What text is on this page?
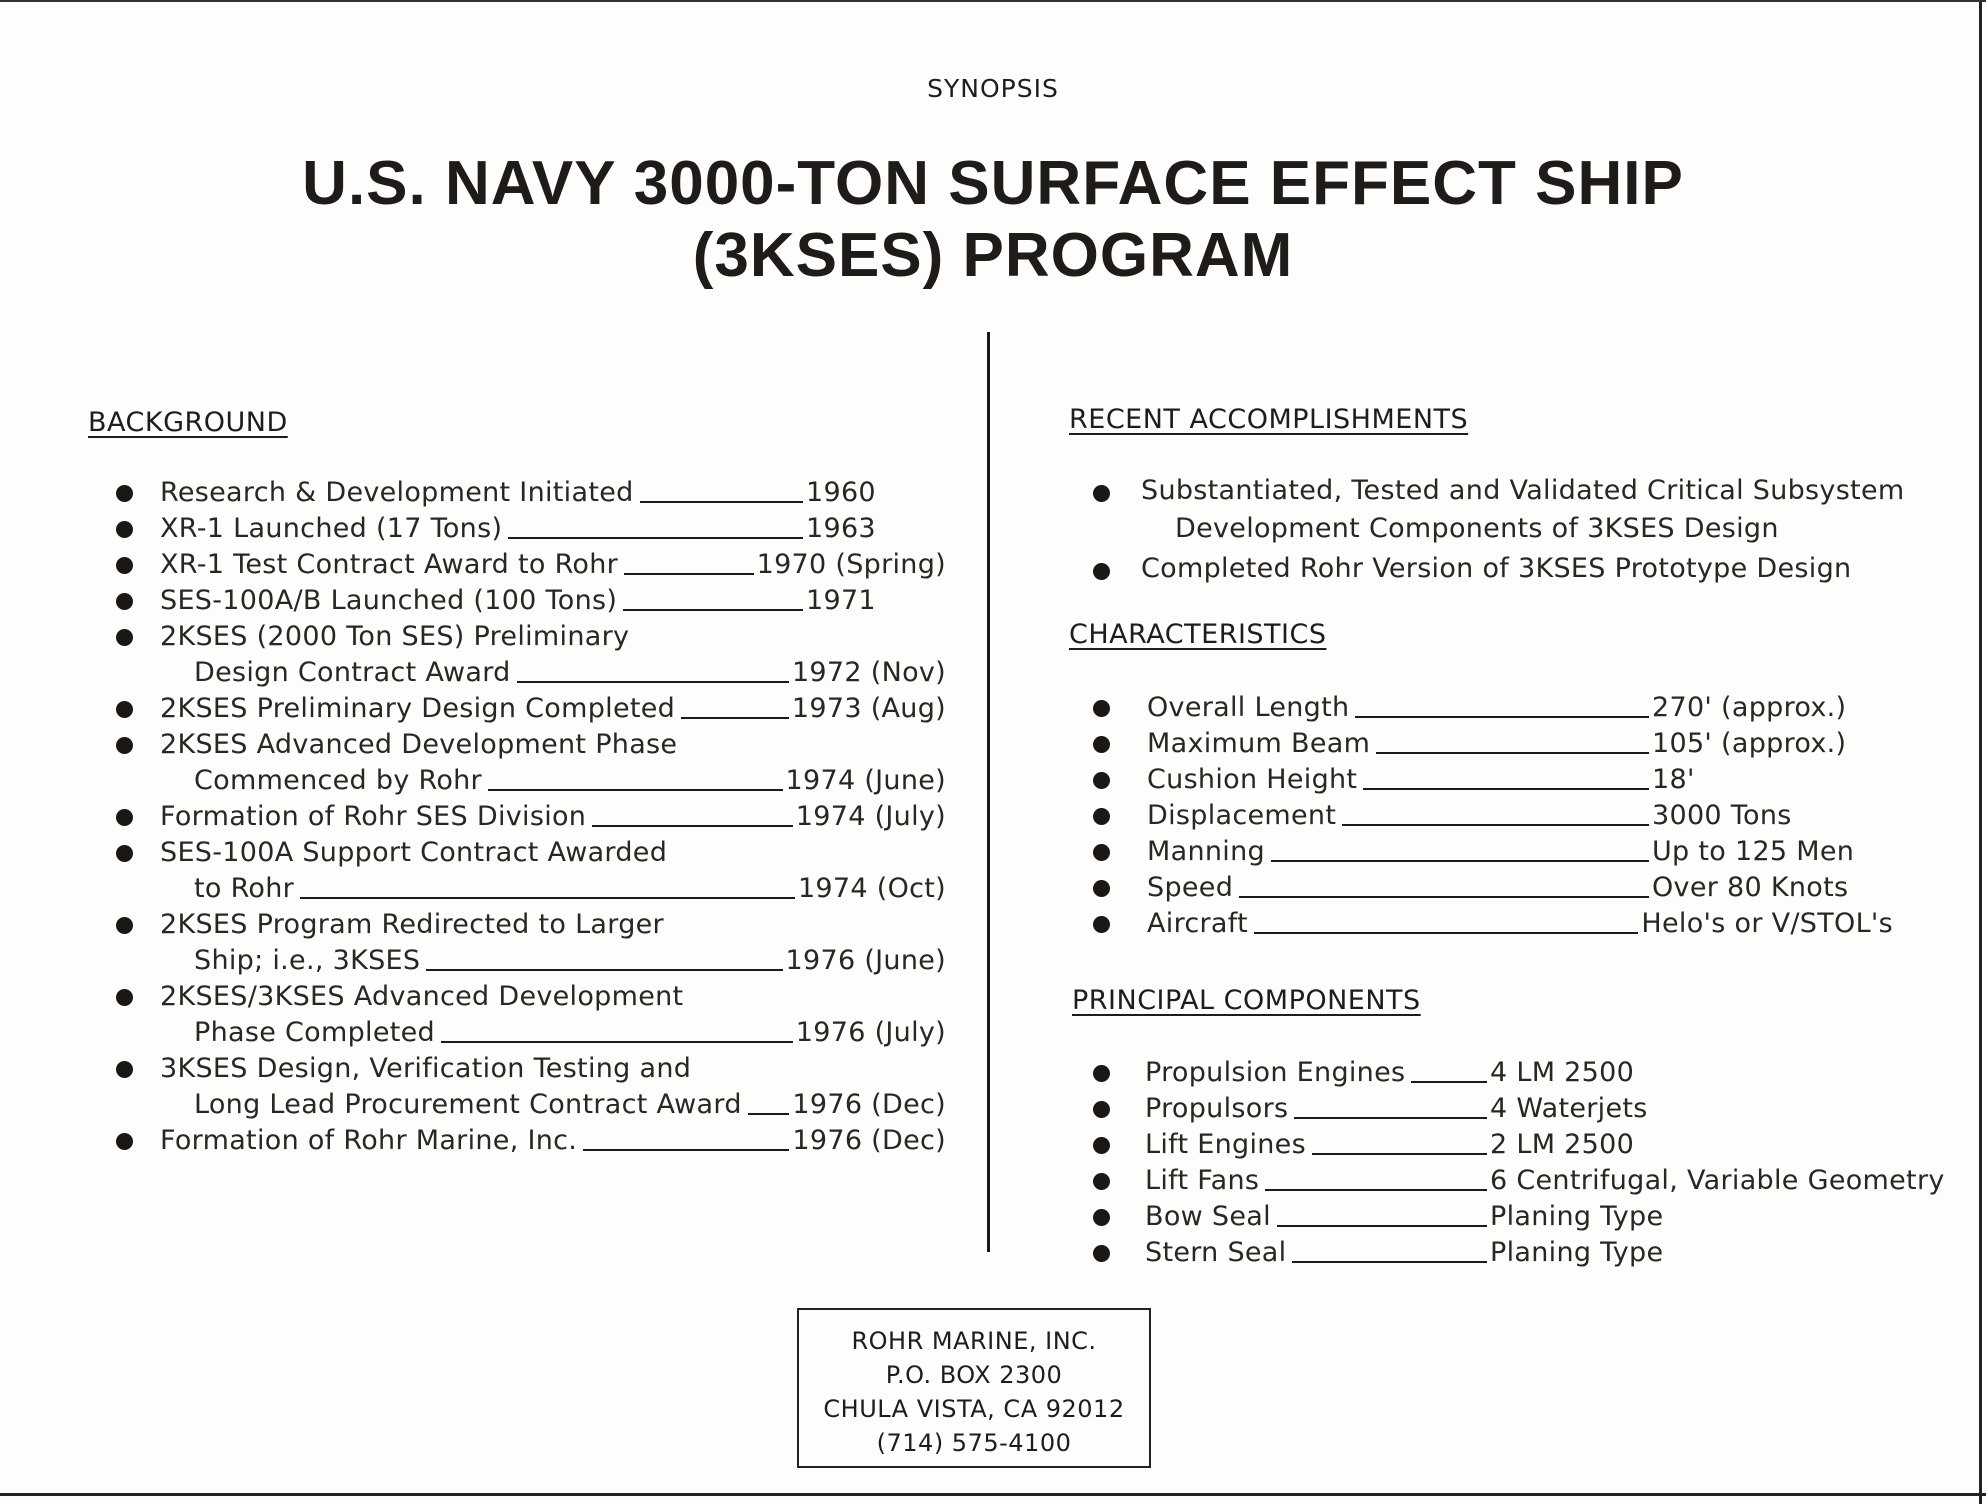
SYNOPSIS
U.S. NAVY 3000-TON SURFACE EFFECT SHIP
(3KSES) PROGRAM
BACKGROUND
Research & Development Initiated	1960
XR-1 Launched (17 Tons)	1963
XR-1 Test Contract Award to Rohr	1970 (Spring)
SES-100A/B Launched (100 Tons)	1971
2KSES (2000 Ton SES) Preliminary
Design Contract Award	1972 (Nov)
2KSES Preliminary Design Completed	1973 (Aug)
2KSES Advanced Development Phase
Commenced by Rohr	1974 (June)
Formation of Rohr SES Division	1974 (July)
SES-100A Support Contract Awarded
to Rohr	1974 (Oct)
2KSES Program Redirected to Larger
Ship; i.e., 3KSES	1976 (June)
2KSES/3KSES Advanced Development
Phase Completed	1976 (July)
3KSES Design, Verification Testing and
Long Lead Procurement Contract Award 1976 (Dec)
Formation of Rohr Marine, Inc.	1976 (Dec)
RECENT ACCOMPLISHMENTS
Substantiated, Tested and Validated Critical Subsystem
Development Components of 3KSES Design
Completed Rohr Version of 3KSES Prototype Design
CHARACTERISTICS
Overall Length	270' (approx.)
Maximum Beam	105' (approx.)
Cushion Height	18'
Displacement	3000 Tons
Manning	Up to 125 Men
Speed	Over 80 Knots
Aircraft	Helo's or V/STOL's
PRINCIPAL COMPONENTS
Propulsion Engines	4 LM 2500
Propulsors	4 Waterjets
Lift Engines	2 LM 2500
Lift Fans	6 Centrifugal, Variable Geometry
Bow Seal	Planing Type
Stern Seal	Planing Type
ROHR MARINE, INC.
P.O. BOX 2300
CHULA VISTA, CA 92012
(714) 575-4100
